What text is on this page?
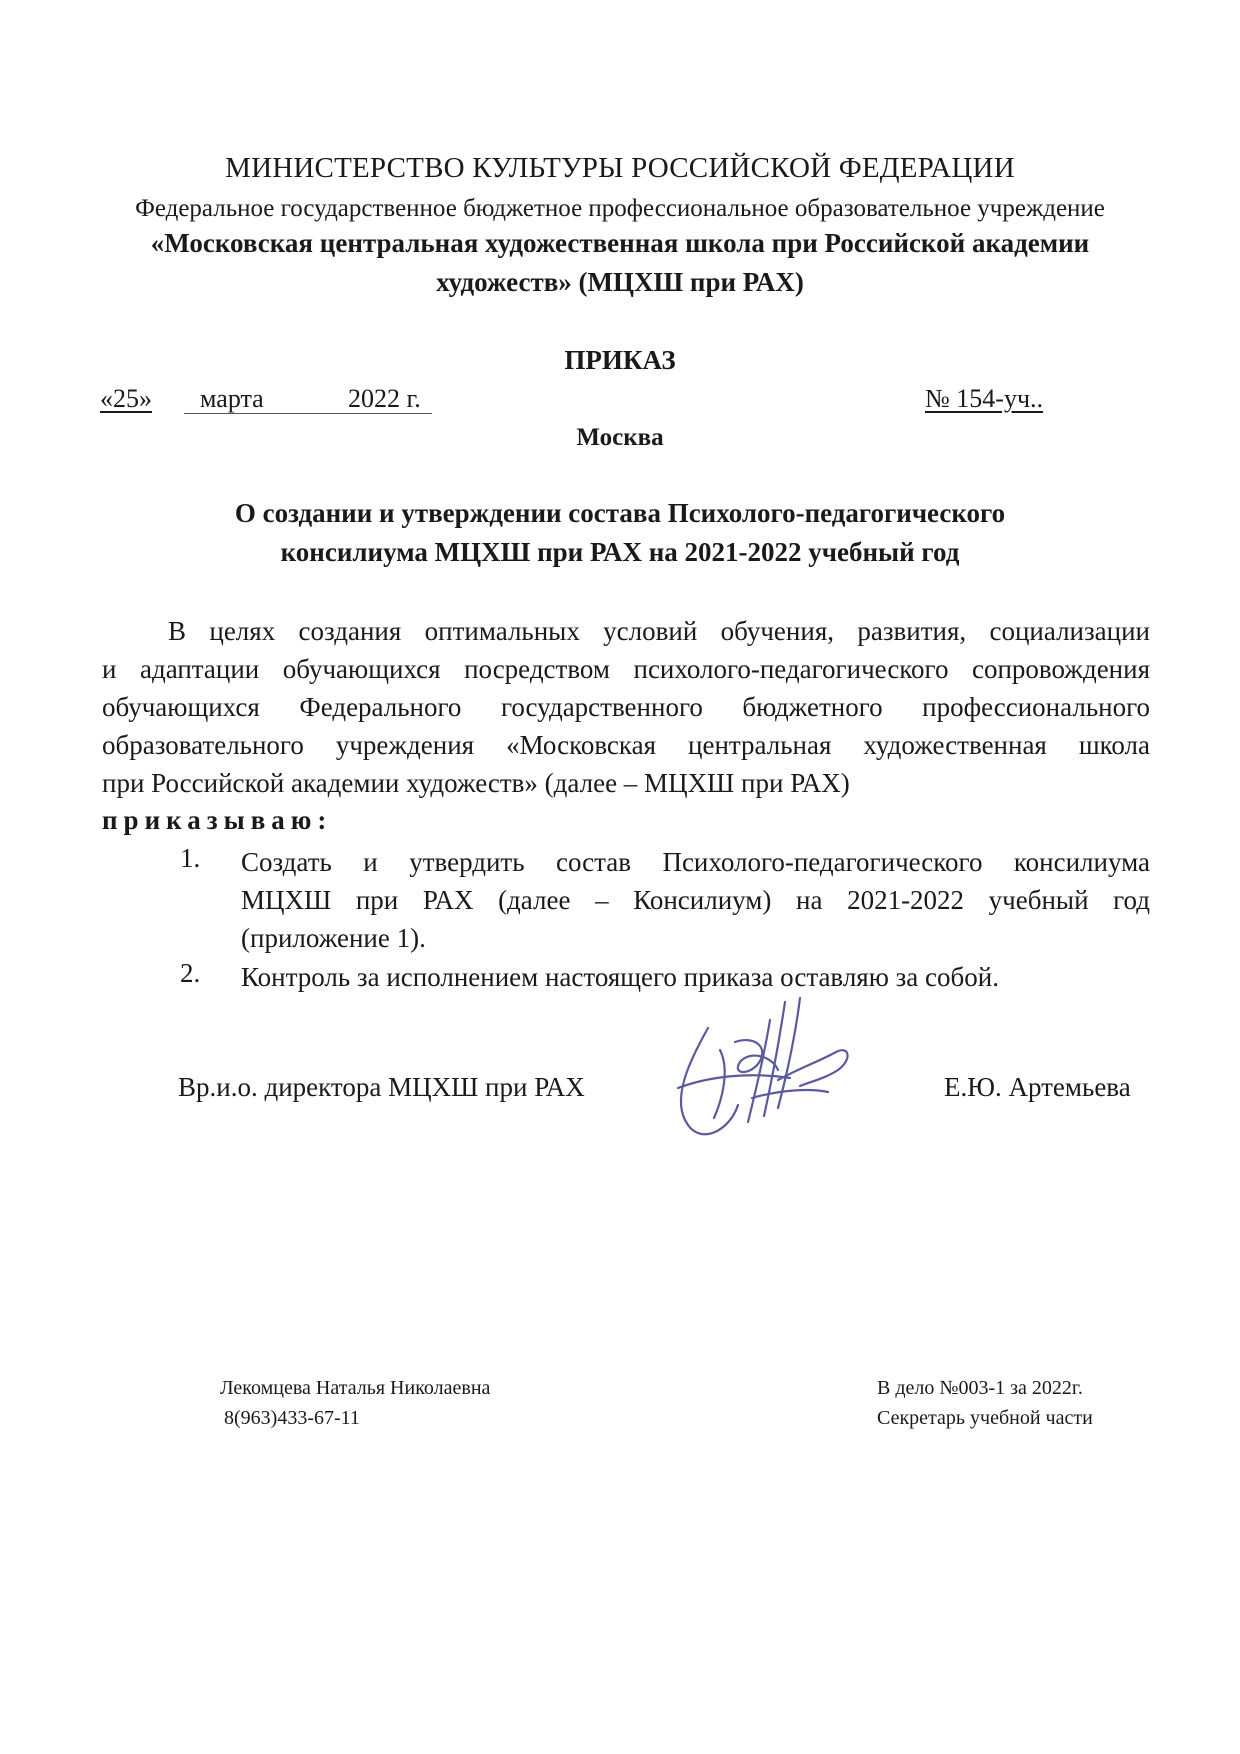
МИНИСТЕРСТВО КУЛЬТУРЫ РОССИЙСКОЙ ФЕДЕРАЦИИ
Федеральное государственное бюджетное профессиональное образовательное учреждение
«Московская центральная художественная школа при Российской академии
художеств» (МЦХШ при РАХ)
ПРИКАЗ
«25» марта	2022 г.	№ 154-уч..
Москва
О создании и утверждении состава Психолого-педагогического
консилиума МЦХШ при РАХ на 2021-2022 учебный год
В целях создания оптимальных условий обучения, развития, социализации
и адаптации обучающихся посредством психолого-педагогического сопровождения
обучающихся Федерального государственного бюджетного профессионального
образовательного учреждения «Московская центральная художественная школа
при Российской академии художеств» (далее – МЦХШ при РАХ)
приказываю:
1. Создать и утвердить состав Психолого-педагогического консилиума
МЦХШ при РАХ (далее – Консилиум) на 2021-2022 учебный год
(приложение 1).
2. Контроль за исполнением настоящего приказа оставляю за собой.
Вр.и.о. директора МЦХШ при РАХ	Е.Ю. Артемьева
Лекомцева Наталья Николаевна
8(963)433-67-11
В дело №003-1 за 2022г.
Секретарь учебной части
